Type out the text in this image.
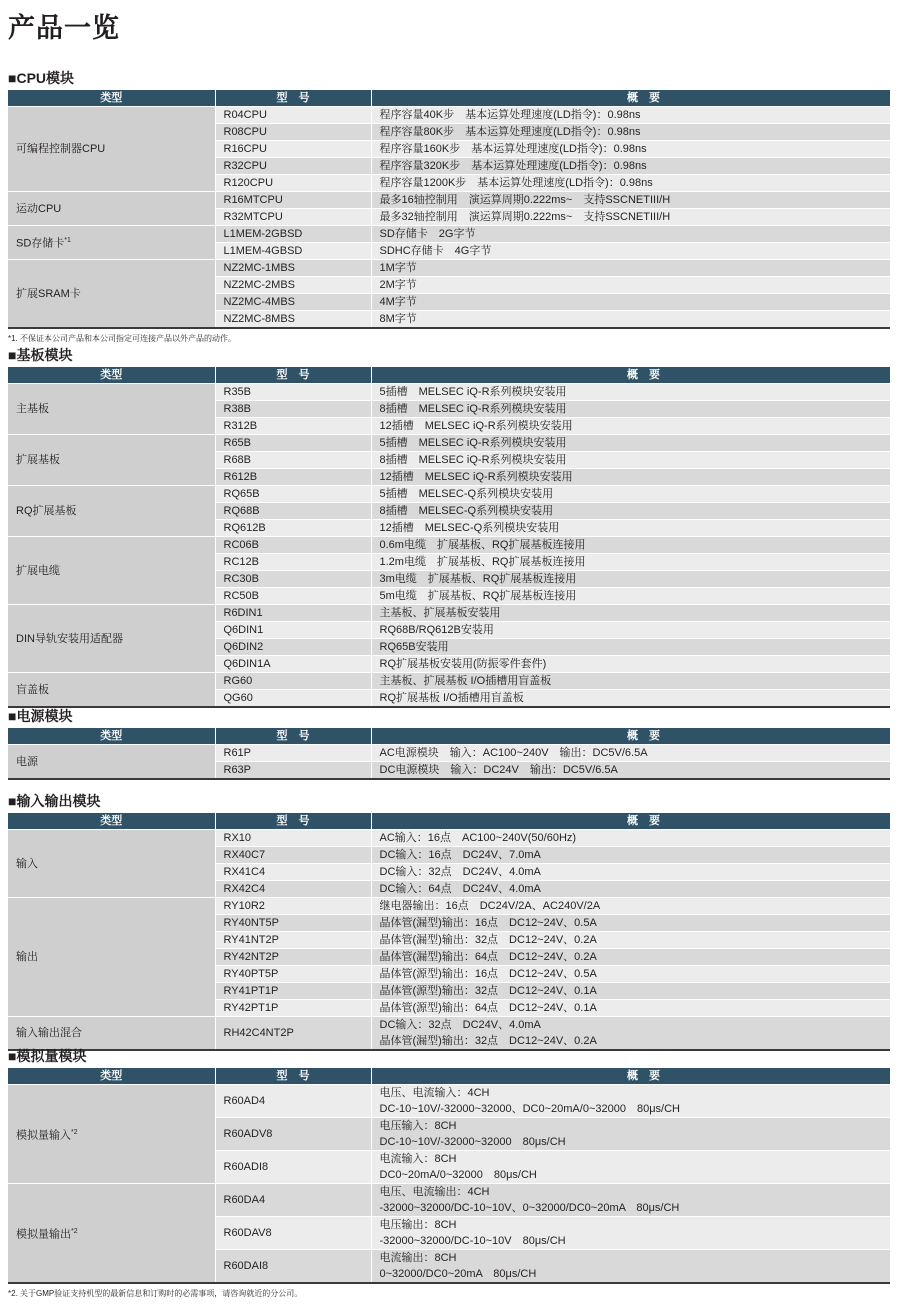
产品一览
■CPU模块
类型	型　号	概　要
可编程控制器CPU	R04CPU	程序容量40K步　基本运算处理速度(LD指令)：0.98ns

	R08CPU	程序容量80K步　基本运算处理速度(LD指令)：0.98ns

	R16CPU	程序容量160K步　基本运算处理速度(LD指令)：0.98ns

	R32CPU	程序容量320K步　基本运算处理速度(LD指令)：0.98ns

	R120CPU	程序容量1200K步　基本运算处理速度(LD指令)：0.98ns

运动CPU	R16MTCPU	最多16轴控制用　演运算周期0.222ms~　支持SSCNETIII/H

	R32MTCPU	最多32轴控制用　演运算周期0.222ms~　支持SSCNETIII/H

SD存储卡$^{*1}$	L1MEM-2GBSD	SD存储卡　2G字节

	L1MEM-4GBSD	SDHC存储卡　4G字节

扩展SRAM卡	NZ2MC-1MBS	1M字节

	NZ2MC-2MBS	2M字节

	NZ2MC-4MBS	4M字节

	NZ2MC-8MBS	8M字节
*1. 不保证本公司产品和本公司指定可连接产品以外产品的动作。
■基板模块
类型	型　号	概　要
主基板	R35B	5插槽　MELSEC iQ-R系列模块安装用

	R38B	8插槽　MELSEC iQ-R系列模块安装用

	R312B	12插槽　MELSEC iQ-R系列模块安装用

扩展基板	R65B	5插槽　MELSEC iQ-R系列模块安装用

	R68B	8插槽　MELSEC iQ-R系列模块安装用

	R612B	12插槽　MELSEC iQ-R系列模块安装用

RQ扩展基板	RQ65B	5插槽　MELSEC-Q系列模块安装用

	RQ68B	8插槽　MELSEC-Q系列模块安装用

	RQ612B	12插槽　MELSEC-Q系列模块安装用

扩展电缆	RC06B	0.6m电缆　扩展基板、RQ扩展基板连接用

	RC12B	1.2m电缆　扩展基板、RQ扩展基板连接用

	RC30B	3m电缆　扩展基板、RQ扩展基板连接用

	RC50B	5m电缆　扩展基板、RQ扩展基板连接用

DIN导轨安装用适配器	R6DIN1	主基板、扩展基板安装用

	Q6DIN1	RQ68B/RQ612B安装用

	Q6DIN2	RQ65B安装用

	Q6DIN1A	RQ扩展基板安装用(防振零件套件)

盲盖板	RG60	主基板、扩展基板 I/O插槽用盲盖板

	QG60	RQ扩展基板 I/O插槽用盲盖板
■电源模块
类型	型　号	概　要
电源	R61P	AC电源模块　输入：AC100~240V　输出：DC5V/6.5A

	R63P	DC电源模块　输入：DC24V　输出：DC5V/6.5A
■输入输出模块
类型	型　号	概　要
输入	RX10	AC输入：16点　AC100~240V(50/60Hz)

	RX40C7	DC输入：16点　DC24V、7.0mA

	RX41C4	DC输入：32点　DC24V、4.0mA

	RX42C4	DC输入：64点　DC24V、4.0mA

输出	RY10R2	继电器输出：16点　DC24V/2A、AC240V/2A

	RY40NT5P	晶体管(漏型)输出：16点　DC12~24V、0.5A

	RY41NT2P	晶体管(漏型)输出：32点　DC12~24V、0.2A

	RY42NT2P	晶体管(漏型)输出：64点　DC12~24V、0.2A

	RY40PT5P	晶体管(源型)输出：16点　DC12~24V、0.5A

	RY41PT1P	晶体管(源型)输出：32点　DC12~24V、0.1A

	RY42PT1P	晶体管(源型)输出：64点　DC12~24V、0.1A

输入输出混合	RH42C4NT2P	DC输入：32点　DC24V、4.0mA
晶体管(漏型)输出：32点　DC12~24V、0.2A
■模拟量模块
类型	型　号	概　要
模拟量输入$^{*2}$	R60AD4	电压、电流输入：4CH
DC-10~10V/-32000~32000、DC0~20mA/0~32000　80μs/CH

	R60ADV8	电压输入：8CH
DC-10~10V/-32000~32000　80μs/CH

	R60ADI8	电流输入：8CH
DC0~20mA/0~32000　80μs/CH

模拟量输出$^{*2}$	R60DA4	电压、电流输出：4CH
-32000~32000/DC-10~10V、0~32000/DC0~20mA　80μs/CH

	R60DAV8	电压输出：8CH
-32000~32000/DC-10~10V　80μs/CH

	R60DAI8	电流输出：8CH
0~32000/DC0~20mA　80μs/CH
*2. 关于GMP验证支持机型的最新信息和订购时的必需事项，请咨询就近的分公司。
